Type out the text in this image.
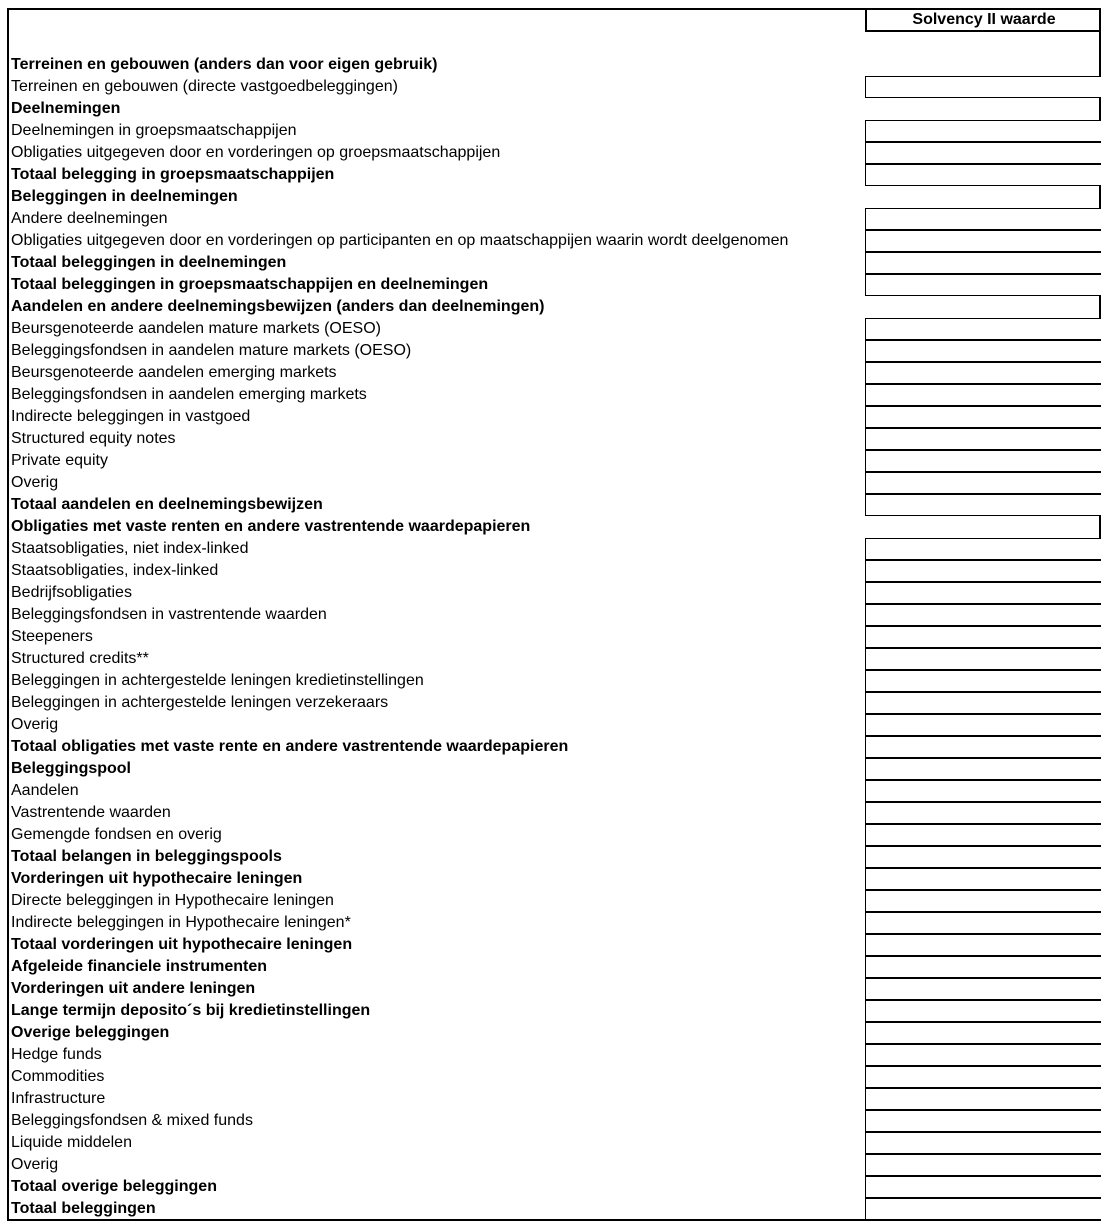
Solvency II waarde
Terreinen en gebouwen (anders dan voor eigen gebruik)
Terreinen en gebouwen (directe vastgoedbeleggingen)
Deelnemingen
Deelnemingen in groepsmaatschappijen
Obligaties uitgegeven door en vorderingen op groepsmaatschappijen
Totaal belegging in groepsmaatschappijen
Beleggingen in deelnemingen
Andere deelnemingen
Obligaties uitgegeven door en vorderingen op participanten en op maatschappijen waarin wordt deelgenomen
Totaal beleggingen in deelnemingen
Totaal beleggingen in groepsmaatschappijen en deelnemingen
Aandelen en andere deelnemingsbewijzen (anders dan deelnemingen)
Beursgenoteerde aandelen mature markets (OESO)
Beleggingsfondsen in aandelen mature markets (OESO)
Beursgenoteerde aandelen emerging markets
Beleggingsfondsen in aandelen emerging markets
Indirecte beleggingen in vastgoed
Structured equity notes
Private equity
Overig
Totaal aandelen en deelnemingsbewijzen
Obligaties met vaste renten en andere vastrentende waardepapieren
Staatsobligaties, niet index-linked
Staatsobligaties, index-linked
Bedrijfsobligaties
Beleggingsfondsen in vastrentende waarden
Steepeners
Structured credits**
Beleggingen in achtergestelde leningen kredietinstellingen
Beleggingen in achtergestelde leningen verzekeraars
Overig
Totaal obligaties met vaste rente en andere vastrentende waardepapieren
Beleggingspool
Aandelen
Vastrentende waarden
Gemengde fondsen en overig
Totaal belangen in beleggingspools
Vorderingen uit hypothecaire leningen
Directe beleggingen in Hypothecaire leningen
Indirecte beleggingen in Hypothecaire leningen*
Totaal vorderingen uit hypothecaire leningen
Afgeleide financiele instrumenten
Vorderingen uit andere leningen
Lange termijn deposito´s bij kredietinstellingen
Overige beleggingen
Hedge funds
Commodities
Infrastructure
Beleggingsfondsen & mixed funds
Liquide middelen
Overig
Totaal overige beleggingen
Totaal beleggingen
